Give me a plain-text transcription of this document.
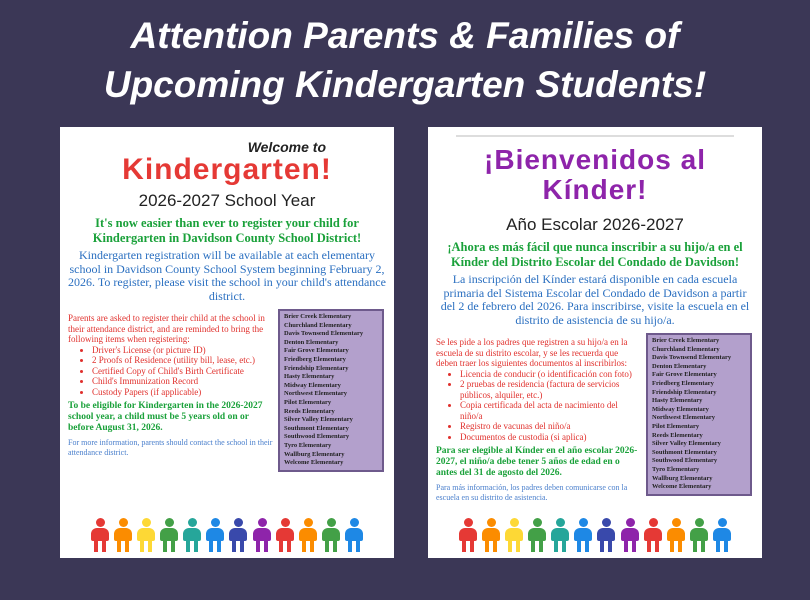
Attention Parents & Families of
Upcoming Kindergarten Students!
Welcome to
Kindergarten!
2026-2027 School Year
It's now easier than ever to register your child for Kindergarten in Davidson County School District!
Kindergarten registration will be available at each elementary school in Davidson County School System beginning February 2, 2026. To register, please visit the school in your child's attendance district.
Parents are asked to register their child at the school in their attendance district, and are reminded to bring the following items when registering:
• Driver's License (or picture ID)
• 2 Proofs of Residence (utility bill, lease, etc.)
• Certified Copy of Child's Birth Certificate
• Child's Immunization Record
• Custody Papers (if applicable)
To be eligible for Kindergarten in the 2026-2027 school year, a child must be 5 years old on or before August 31, 2026.
For more information, parents should contact the school in their attendance district.
Brier Creek Elementary
Churchland Elementary
Davis Townsend Elementary
Denton Elementary
Fair Grove Elementary
Friedberg Elementary
Friendship Elementary
Hasty Elementary
Midway Elementary
Northwest Elementary
Pilot Elementary
Reeds Elementary
Silver Valley Elementary
Southmont Elementary
Southwood Elementary
Tyro Elementary
Wallburg Elementary
Welcome Elementary
¡Bienvenidos al Kínder!
Año Escolar 2026-2027
¡Ahora es más fácil que nunca inscribir a su hijo/a en el Kínder del Distrito Escolar del Condado de Davidson!
La inscripción del Kínder estará disponible en cada escuela primaria del Sistema Escolar del Condado de Davidson a partir del 2 de febrero del 2026. Para inscribirse, visite la escuela en el distrito de asistencia de su hijo/a.
Se les pide a los padres que registren a su hijo/a en la escuela de su distrito escolar, y se les recuerda que deben traer los siguientes documentos al inscribirlos:
• Licencia de conducir (o identificación con foto)
• 2 pruebas de residencia (factura de servicios públicos, alquiler, etc.)
• Copia certificada del acta de nacimiento del niño/a
• Registro de vacunas del niño/a
• Documentos de custodia (si aplica)
Para ser elegible al Kínder en el año escolar 2026- 2027, el niño/a debe tener 5 años de edad en o antes del 31 de agosto del 2026.
Para más información, los padres deben comunicarse con la escuela en su distrito de asistencia.
Brier Creek Elementary
Churchland Elementary
Davis Townsend Elementary
Denton Elementary
Fair Grove Elementary
Friedberg Elementary
Friendship Elementary
Hasty Elementary
Midway Elementary
Northwest Elementary
Pilot Elementary
Reeds Elementary
Silver Valley Elementary
Southmont Elementary
Southwood Elementary
Tyro Elementary
Wallburg Elementary
Welcome Elementary
